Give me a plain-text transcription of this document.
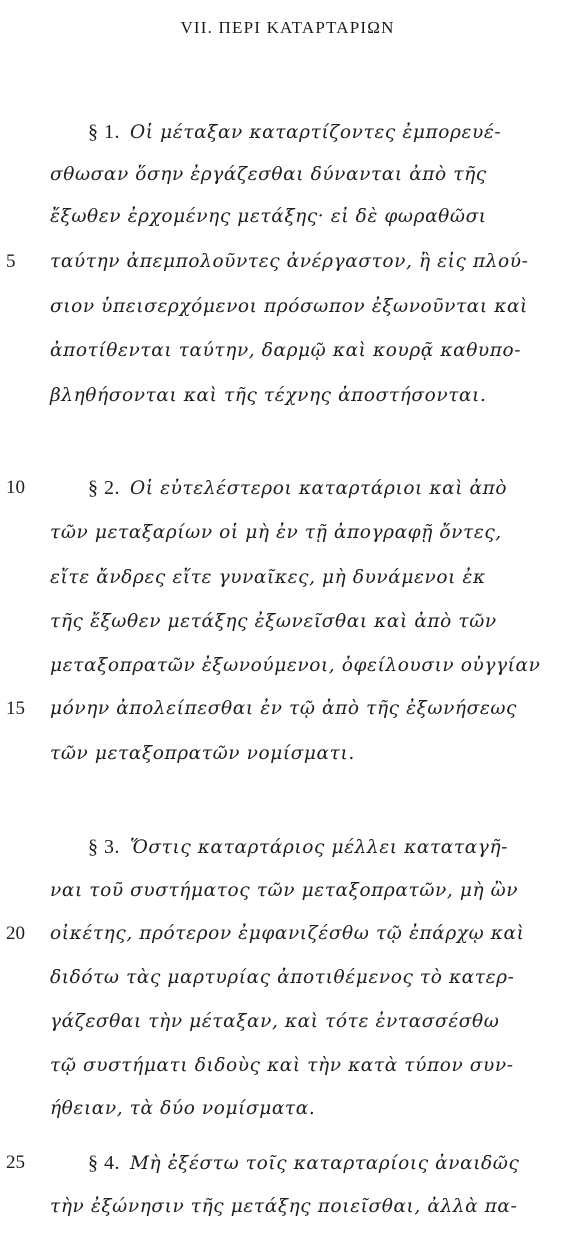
VII. ΠΕΡΙ ΚΑΤΑΡΤΑΡΙΩΝ
§ 1. Οἱ μέταξαν καταρτίζοντες ἐμπορευέ-
σθωσαν ὅσην ἐργάζεσθαι δύνανται ἀπὸ τῆς
ἔξωθεν ἐρχομένης μετάξης· εἰ δὲ φωραθῶσι
ταύτην ἀπεμπολοῦντες ἀνέργαστον, ἢ εἰς πλού-
5
σιον ὑπεισερχόμενοι πρόσωπον ἐξωνοῦνται καὶ
ἀποτίθενται ταύτην, δαρμῷ καὶ κουρᾷ καθυπο-
βληθήσονται καὶ τῆς τέχνης ἀποστήσονται.
10	§ 2. Οἱ εὐτελέστεροι καταρτάριοι καὶ ἀπὸ
τῶν μεταξαρίων οἱ μὴ ἐν τῇ ἀπογραφῇ ὄντες,
εἴτε ἄνδρες εἴτε γυναῖκες, μὴ δυνάμενοι ἐκ
τῆς ἔξωθεν μετάξης ἐξωνεῖσθαι καὶ ἀπὸ τῶν
μεταξοπρατῶν ἐξωνούμενοι, ὀφείλουσιν οὐγγίαν
15 μόνην ἀπολείπεσθαι ἐν τῷ ἀπὸ τῆς ἐξωνήσεως
τῶν μεταξοπρατῶν νομίσματι.
§ 3. Ὅστις καταρτάριος μέλλει καταταγῆ-
ναι τοῦ συστήματος τῶν μεταξοπρατῶν, μὴ ὢν
20 οἰκέτης, πρότερον ἐμφανιζέσθω τῷ ἐπάρχῳ καὶ
διδότω τὰς μαρτυρίας ἀποτιθέμενος τὸ κατερ-
γάζεσθαι τὴν μέταξαν, καὶ τότε ἐντασσέσθω
τῷ συστήματι διδοὺς καὶ τὴν κατὰ τύπον συν-
ήθειαν, τὰ δύο νομίσματα.
25	§ 4. Μὴ ἐξέστω τοῖς καταρταρίοις ἀναιδῶς
τὴν ἐξώνησιν τῆς μετάξης ποιεῖσθαι, ἀλλὰ πα-
